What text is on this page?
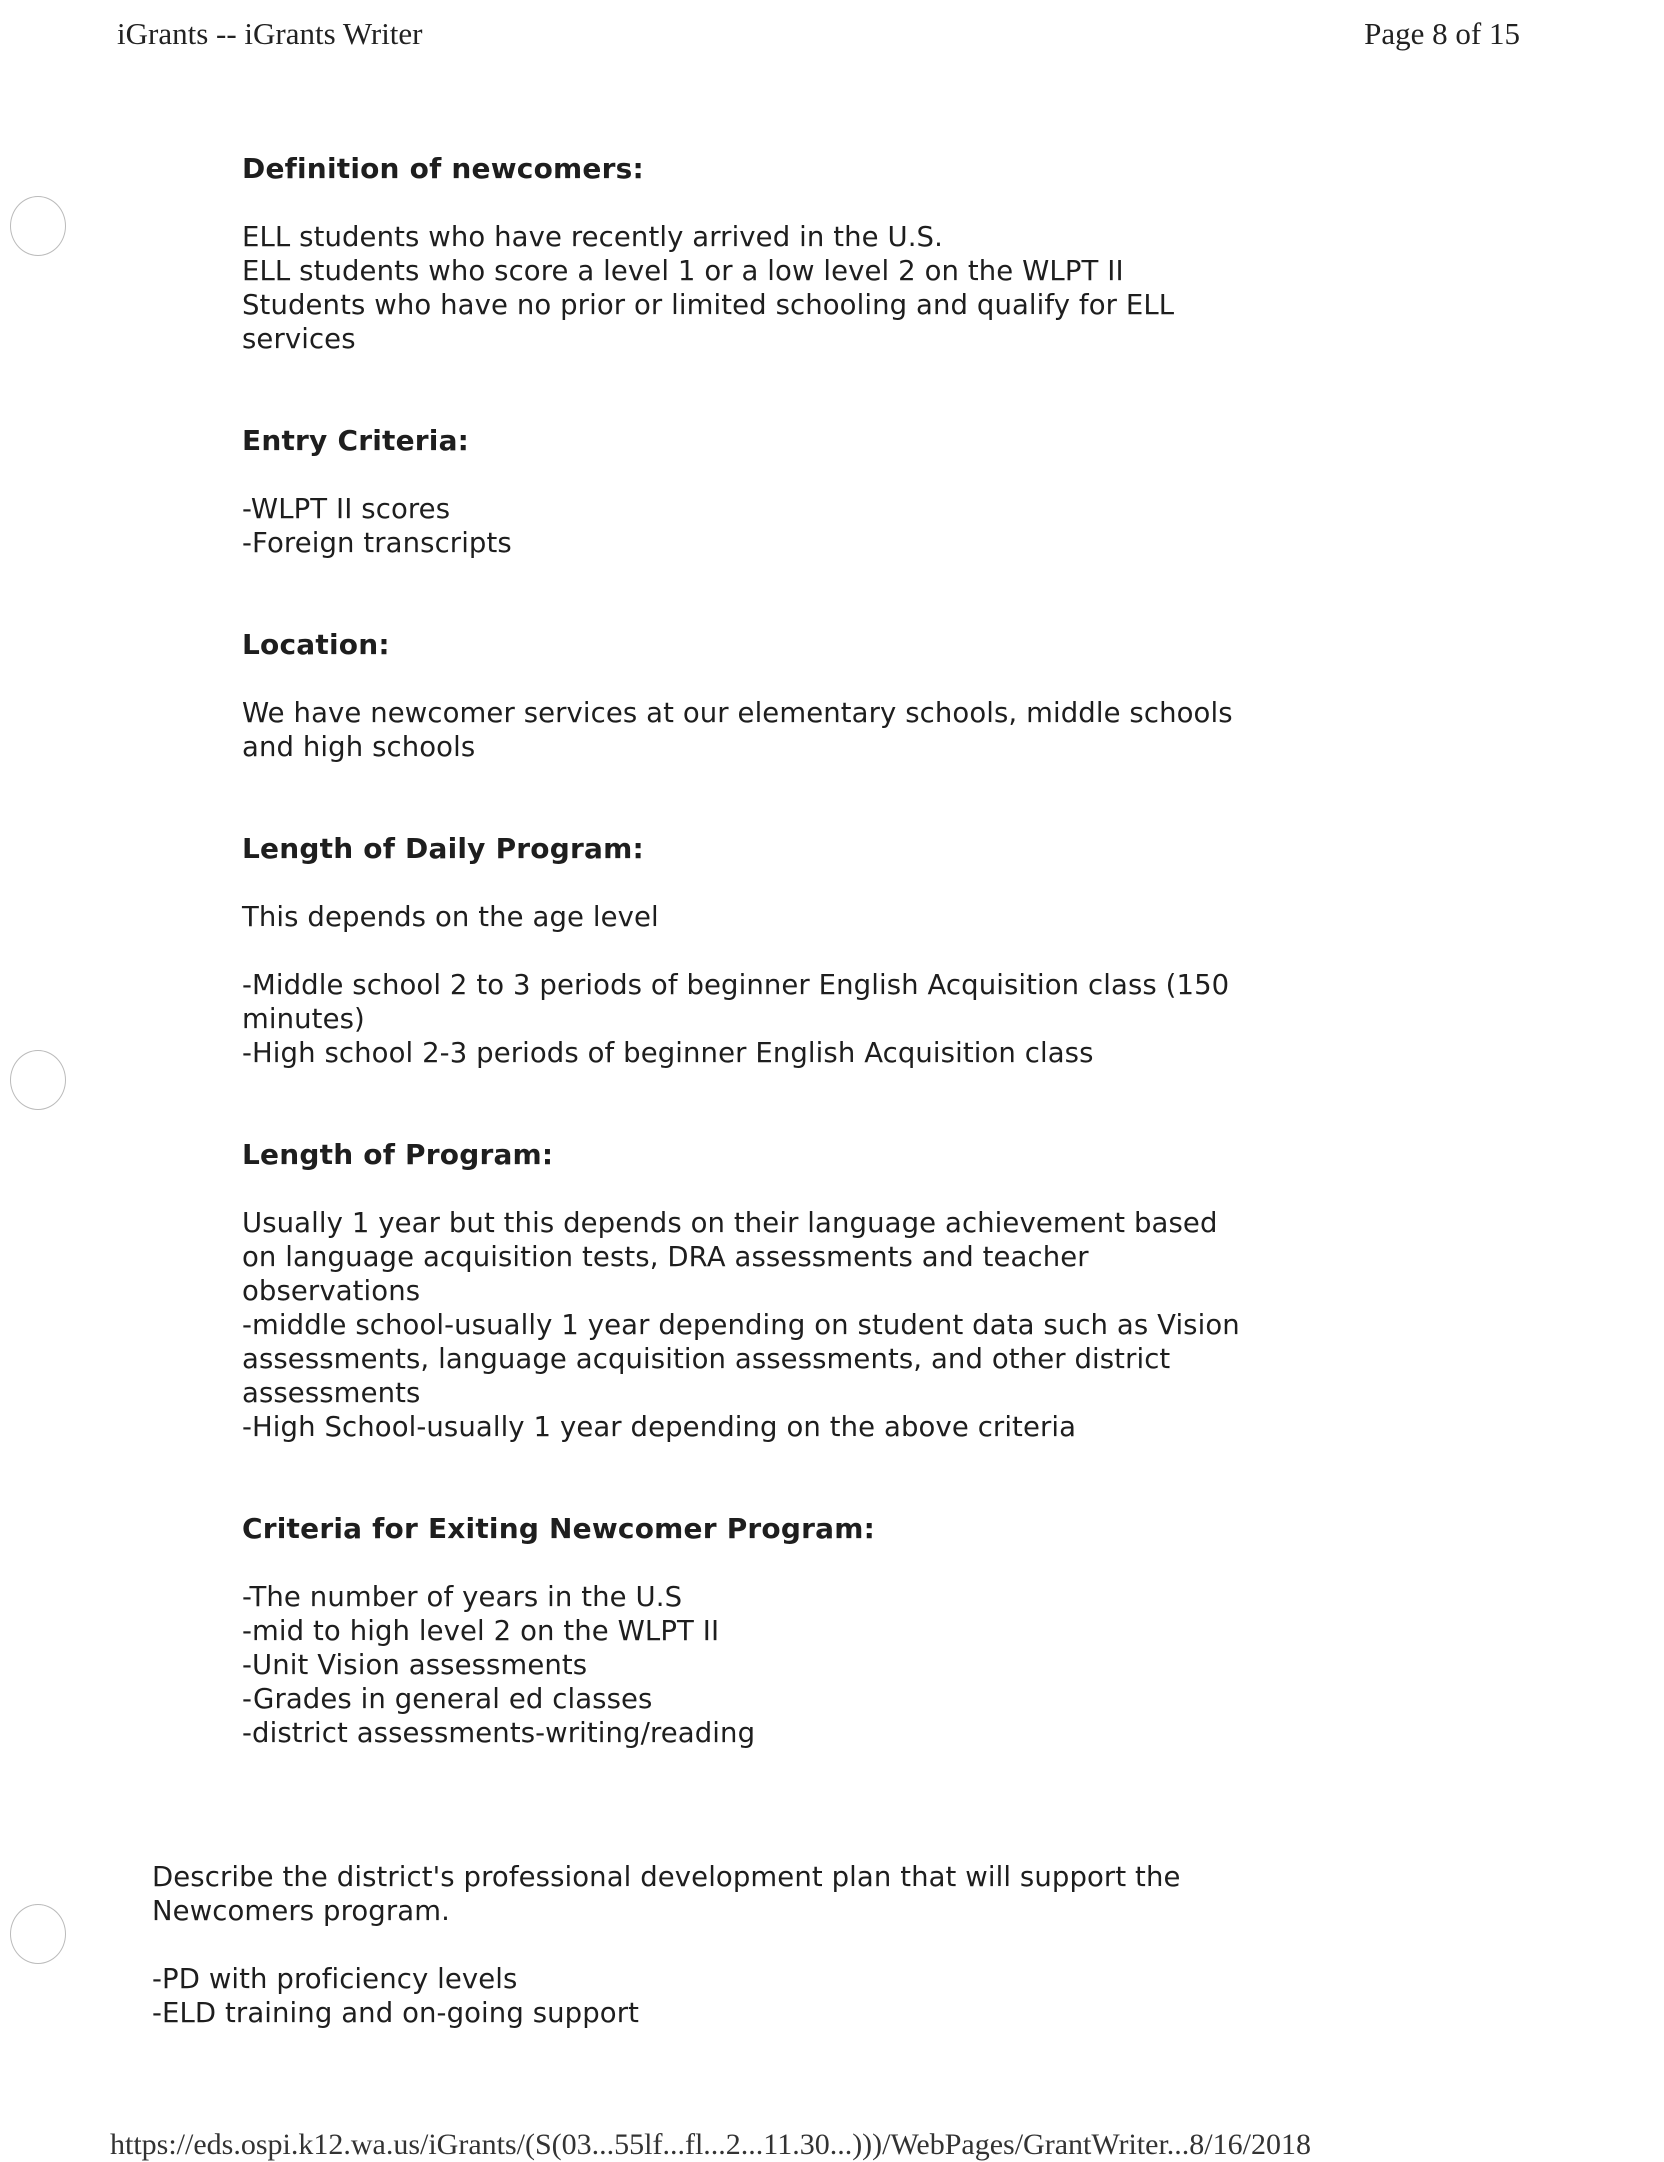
iGrants -- iGrants Writer	Page 8 of 15
Definition of newcomers:
ELL students who have recently arrived in the U.S.
ELL students who score a level 1 or a low level 2 on the WLPT II
Students who have no prior or limited schooling and qualify for ELL
services
Entry Criteria:
-WLPT II scores
-Foreign transcripts
Location:
We have newcomer services at our elementary schools, middle schools
and high schools
Length of Daily Program:
This depends on the age level
-Middle school 2 to 3 periods of beginner English Acquisition class (150
minutes)
-High school 2-3 periods of beginner English Acquisition class
Length of Program:
Usually 1 year but this depends on their language achievement based
on language acquisition tests, DRA assessments and teacher
observations
-middle school-usually 1 year depending on student data such as Vision
assessments, language acquisition assessments, and other district
assessments
-High School-usually 1 year depending on the above criteria
Criteria for Exiting Newcomer Program:
-The number of years in the U.S
-mid to high level 2 on the WLPT II
-Unit Vision assessments
-Grades in general ed classes
-district assessments-writing/reading
Describe the district's professional development plan that will support the
Newcomers program.
-PD with proficiency levels
-ELD training and on-going support
https://eds.ospi.k12.wa.us/iGrants/(S(03...55lf...fl...2...11.30...)))/WebPages/GrantWriter...8/16/2018
